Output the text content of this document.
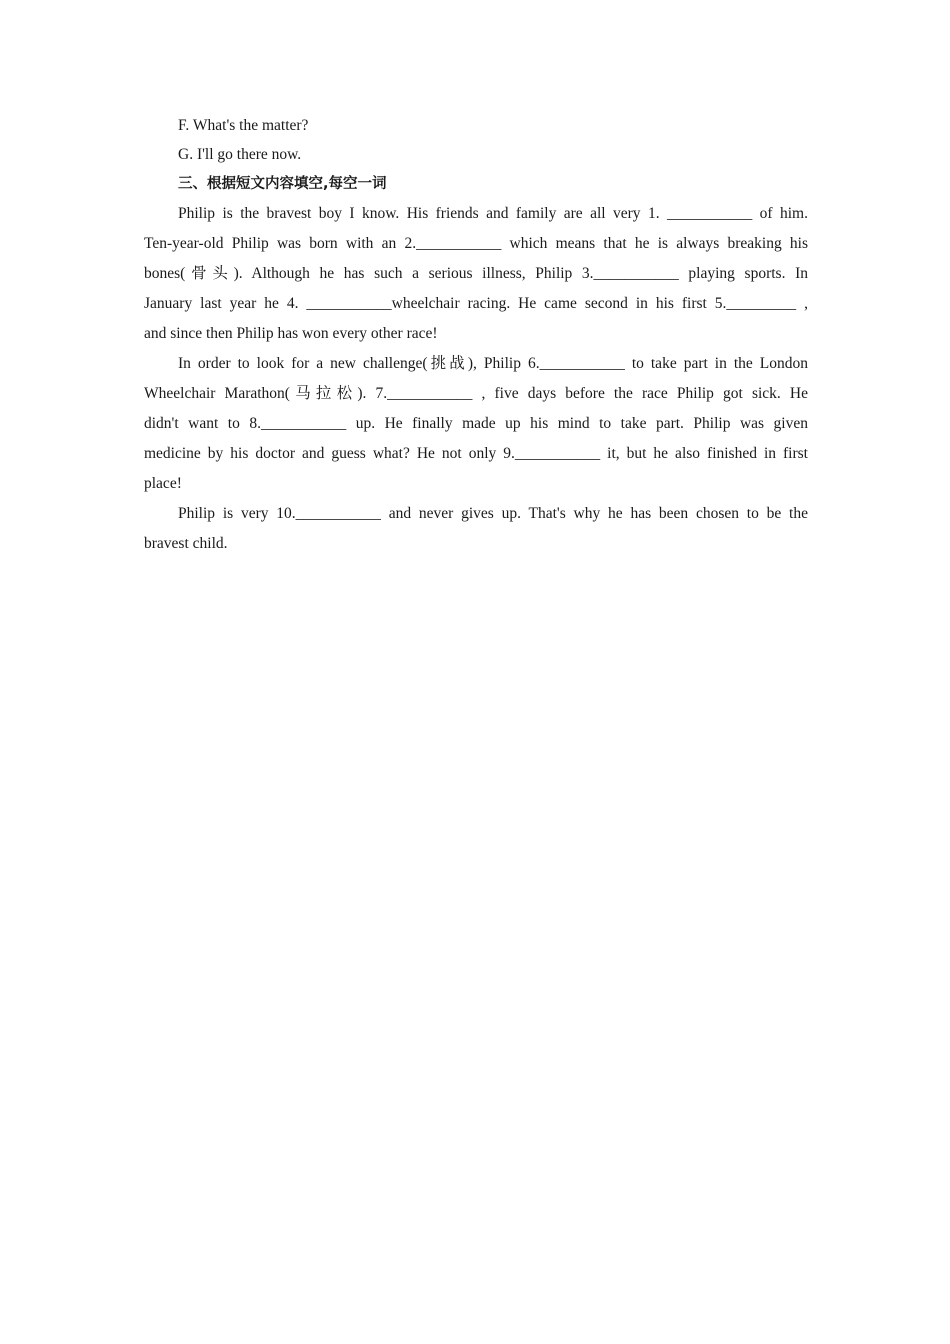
F. What's the matter?

G. I'll go there now.

三、根据短文内容填空,每空一词
Philip is the bravest boy I know. His friends and family are all very 1. ___________ of him.
Ten-year-old Philip was born with an 2.___________ which means that he is always breaking his
bones(骨头). Although he has such a serious illness, Philip 3.___________ playing sports. In
January last year he 4. ___________wheelchair racing. He came second in his first 5._________ ,
and since then Philip has won every other race!
In order to look for a new challenge(挑战), Philip 6.___________ to take part in the London
Wheelchair Marathon(马拉松). 7.___________ , five days before the race Philip got sick. He
didn't want to 8.___________ up. He finally made up his mind to take part. Philip was given
medicine by his doctor and guess what? He not only 9.___________ it, but he also finished in first
place!
Philip is very 10.___________ and never gives up. That's why he has been chosen to be the
bravest child.
